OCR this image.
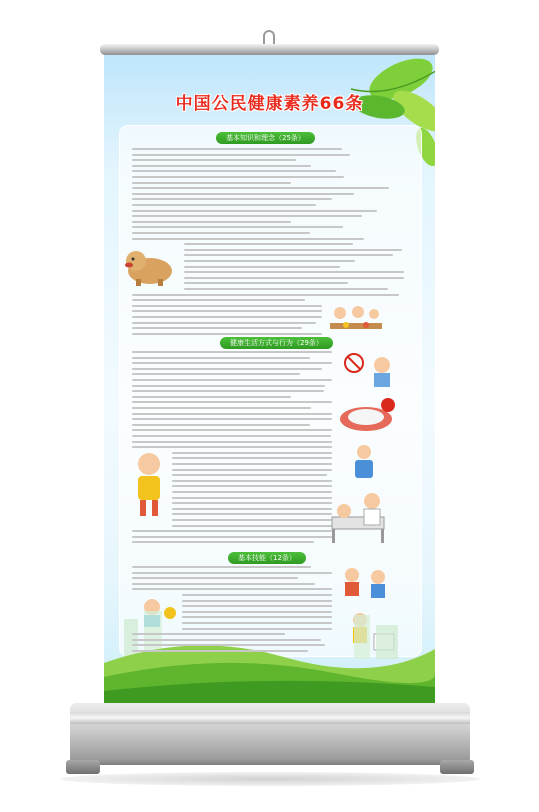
中国公民健康素养66条
基本知识和理念（25条）
健康生活方式与行为（29条）
基本技能（12条）
